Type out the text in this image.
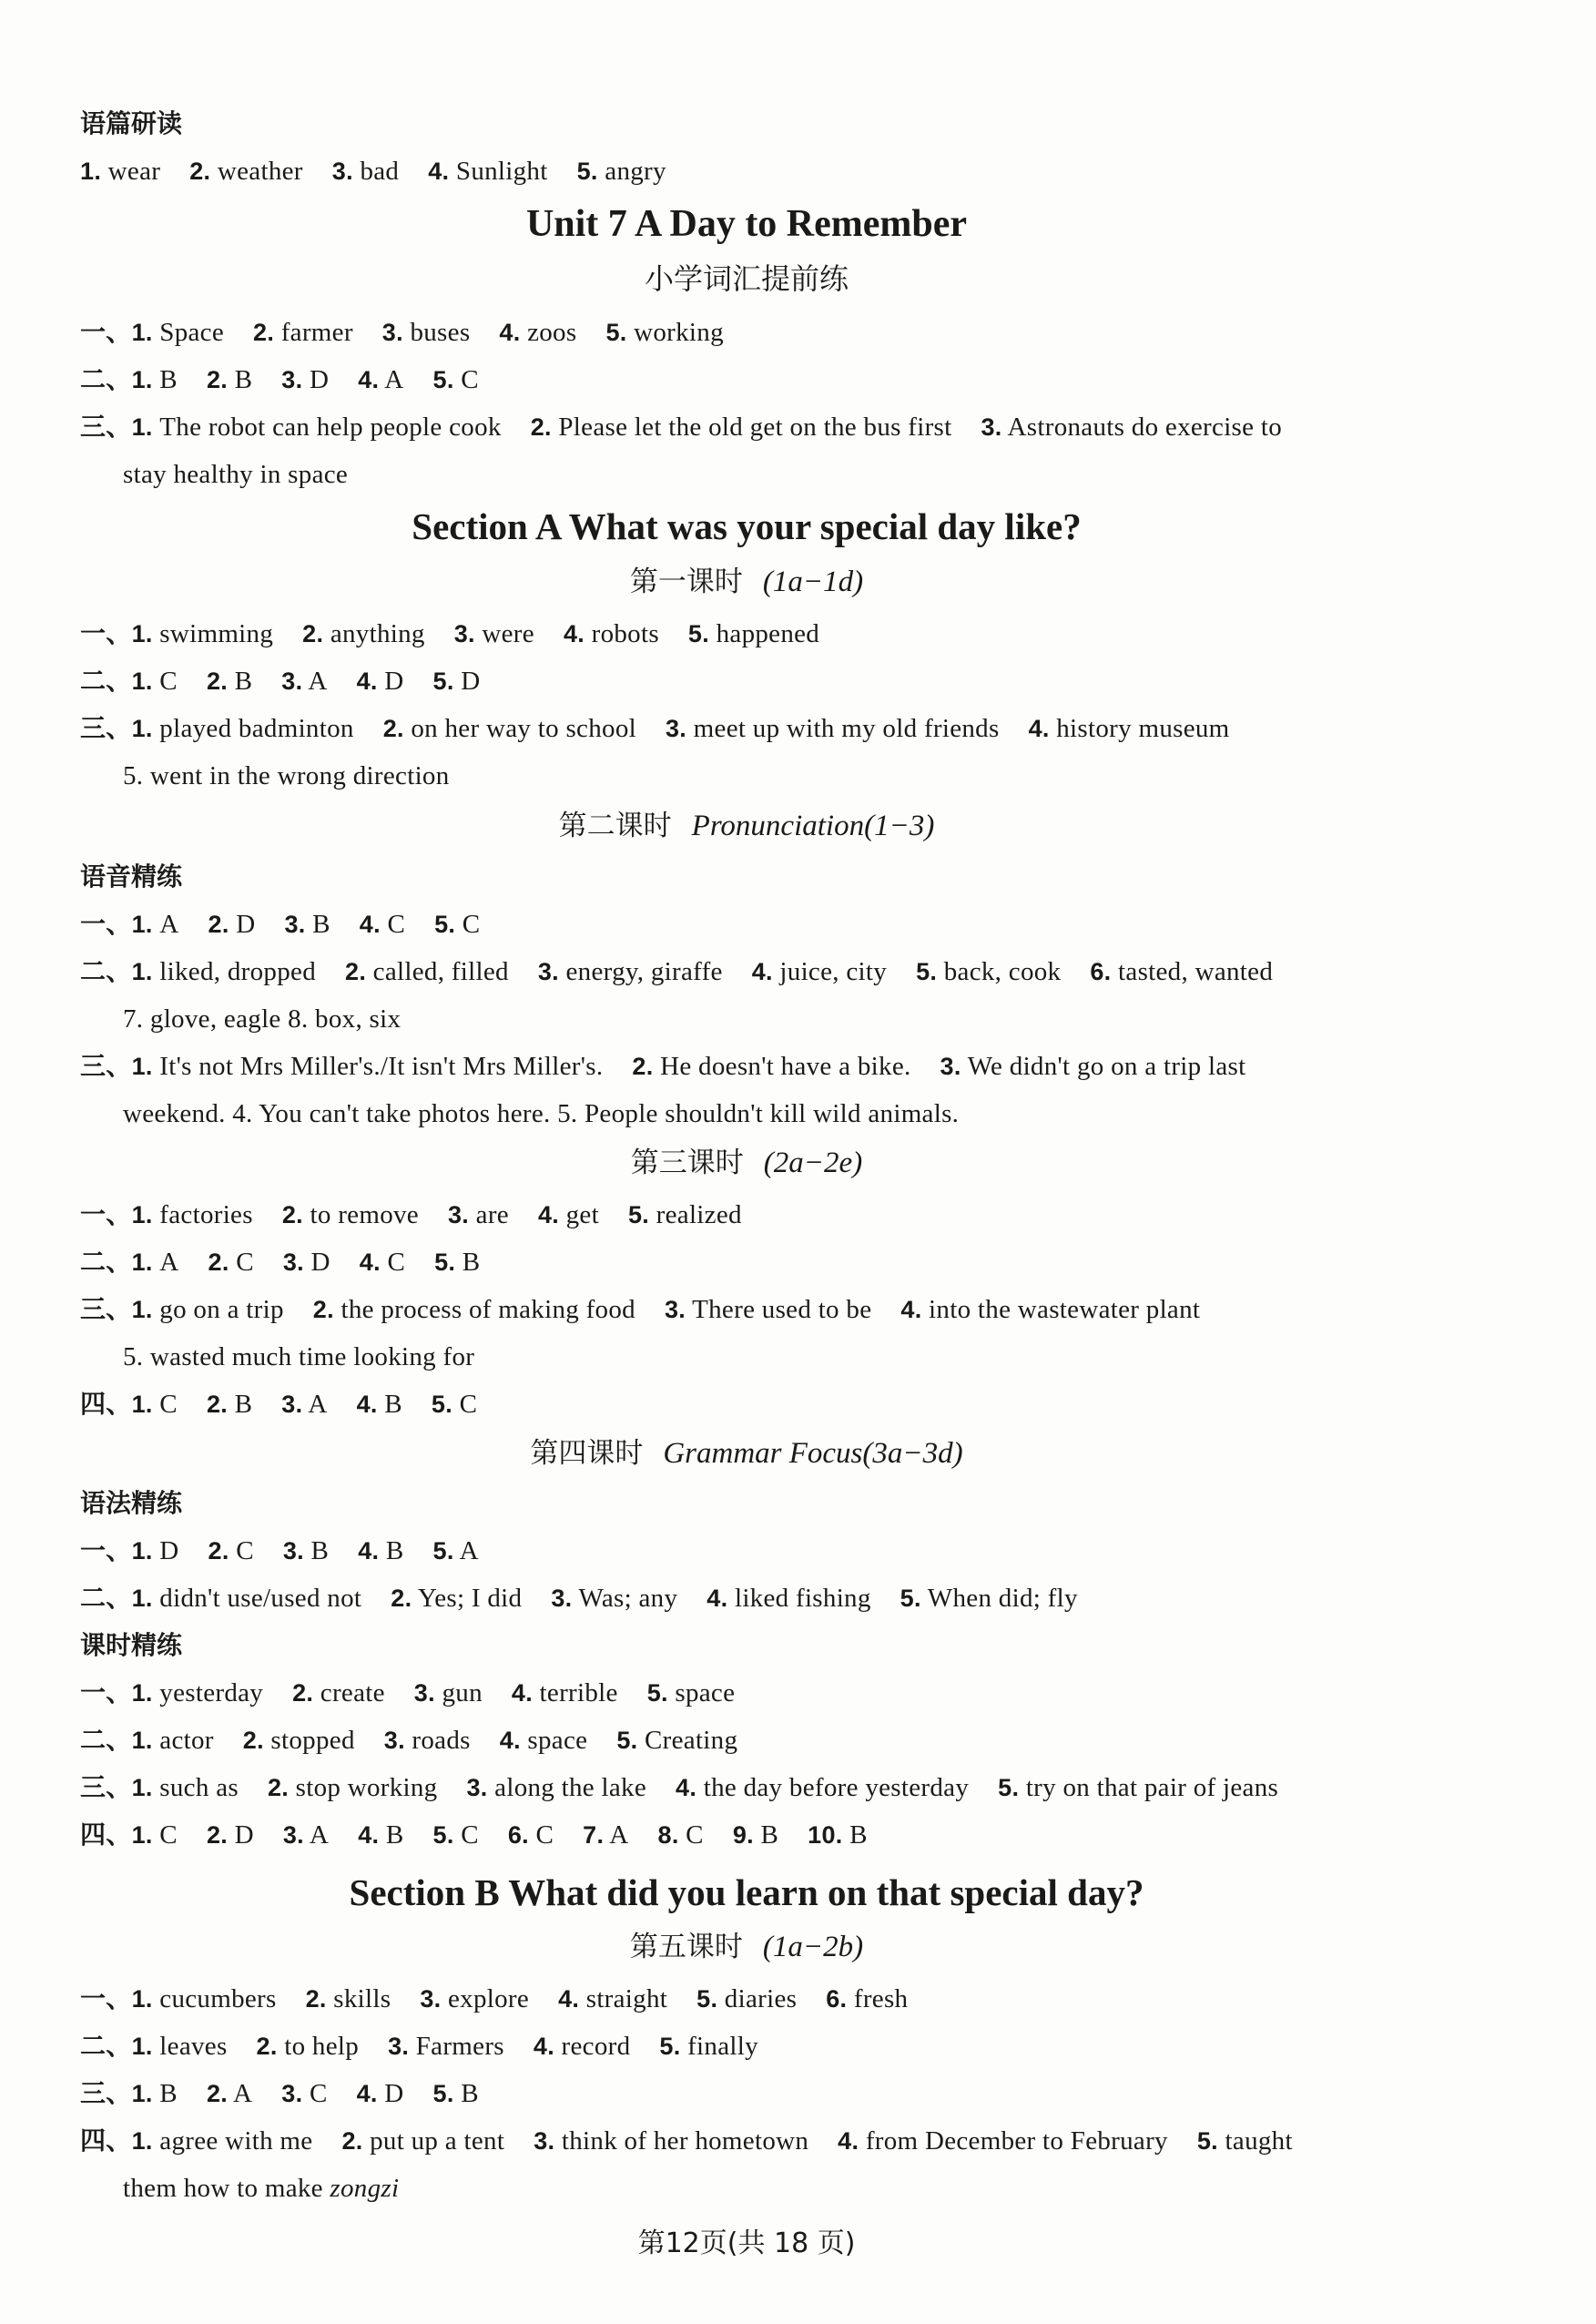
语篇研读
1. wear 2. weather 3. bad 4. Sunlight 5. angry
Unit 7 A Day to Remember
小学词汇提前练
一、1. Space 2. farmer 3. buses 4. zoos 5. working
二、1. B 2. B 3. D 4. A 5. C
三、1. The robot can help people cook 2. Please let the old get on the bus first 3. Astronauts do exercise to
stay healthy in space
Section A What was your special day like?
第一课时 (1a−1d)
一、1. swimming 2. anything 3. were 4. robots 5. happened
二、1. C 2. B 3. A 4. D 5. D
三、1. played badminton 2. on her way to school 3. meet up with my old friends 4. history museum
5. went in the wrong direction
第二课时 Pronunciation(1−3)
语音精练
一、1. A 2. D 3. B 4. C 5. C
二、1. liked, dropped 2. called, filled 3. energy, giraffe 4. juice, city 5. back, cook 6. tasted, wanted
7. glove, eagle 8. box, six
三、1. It's not Mrs Miller's./It isn't Mrs Miller's. 2. He doesn't have a bike. 3. We didn't go on a trip last
weekend. 4. You can't take photos here. 5. People shouldn't kill wild animals.
第三课时 (2a−2e)
一、1. factories 2. to remove 3. are 4. get 5. realized
二、1. A 2. C 3. D 4. C 5. B
三、1. go on a trip 2. the process of making food 3. There used to be 4. into the wastewater plant
5. wasted much time looking for
四、1. C 2. B 3. A 4. B 5. C
第四课时 Grammar Focus(3a−3d)
语法精练
一、1. D 2. C 3. B 4. B 5. A
二、1. didn't use/used not 2. Yes; I did 3. Was; any 4. liked fishing 5. When did; fly
课时精练
一、1. yesterday 2. create 3. gun 4. terrible 5. space
二、1. actor 2. stopped 3. roads 4. space 5. Creating
三、1. such as 2. stop working 3. along the lake 4. the day before yesterday 5. try on that pair of jeans
四、1. C 2. D 3. A 4. B 5. C 6. C 7. A 8. C 9. B 10. B
Section B What did you learn on that special day?
第五课时 (1a−2b)
一、1. cucumbers 2. skills 3. explore 4. straight 5. diaries 6. fresh
二、1. leaves 2. to help 3. Farmers 4. record 5. finally
三、1. B 2. A 3. C 4. D 5. B
四、1. agree with me 2. put up a tent 3. think of her hometown 4. from December to February 5. taught
them how to make zongzi
第12页(共 18 页)
